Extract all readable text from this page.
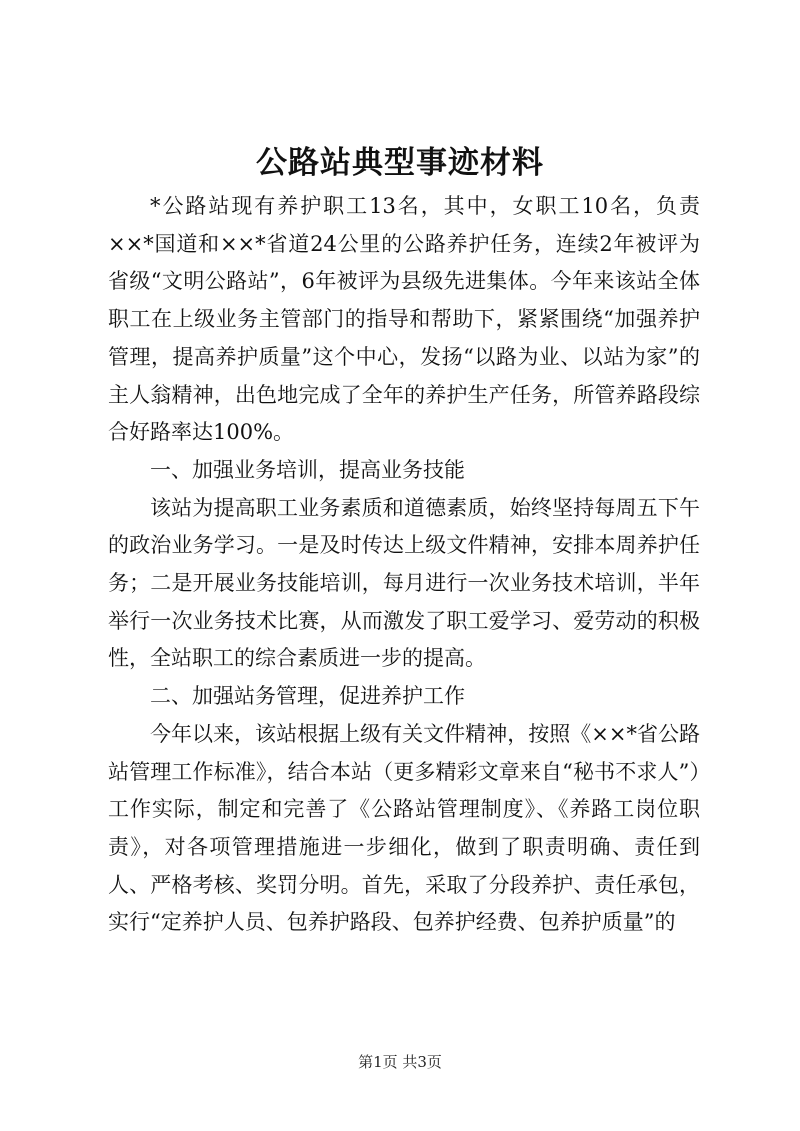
公路站典型事迹材料

*公路站现有养护职工13名，其中，女职工10名，负责××*国道和××*省道24公里的公路养护任务，连续2年被评为省级“文明公路站”，6年被评为县级先进集体。今年来该站全体职工在上级业务主管部门的指导和帮助下，紧紧围绕“加强养护管理，提高养护质量”这个中心，发扬“以路为业、以站为家”的主人翁精神，出色地完成了全年的养护生产任务，所管养路段综合好路率达100%。

一、加强业务培训，提高业务技能

该站为提高职工业务素质和道德素质，始终坚持每周五下午的政治业务学习。一是及时传达上级文件精神，安排本周养护任务；二是开展业务技能培训，每月进行一次业务技术培训，半年举行一次业务技术比赛，从而激发了职工爱学习、爱劳动的积极性，全站职工的综合素质进一步的提高。

二、加强站务管理，促进养护工作

今年以来，该站根据上级有关文件精神，按照《××*省公路站管理工作标准》，结合本站（更多精彩文章来自“秘书不求人”）工作实际，制定和完善了《公路站管理制度》、《养路工岗位职责》，对各项管理措施进一步细化，做到了职责明确、责任到人、严格考核、奖罚分明。首先，采取了分段养护、责任承包，实行“定养护人员、包养护路段、包养护经费、包养护质量”的

第1页 共3页
